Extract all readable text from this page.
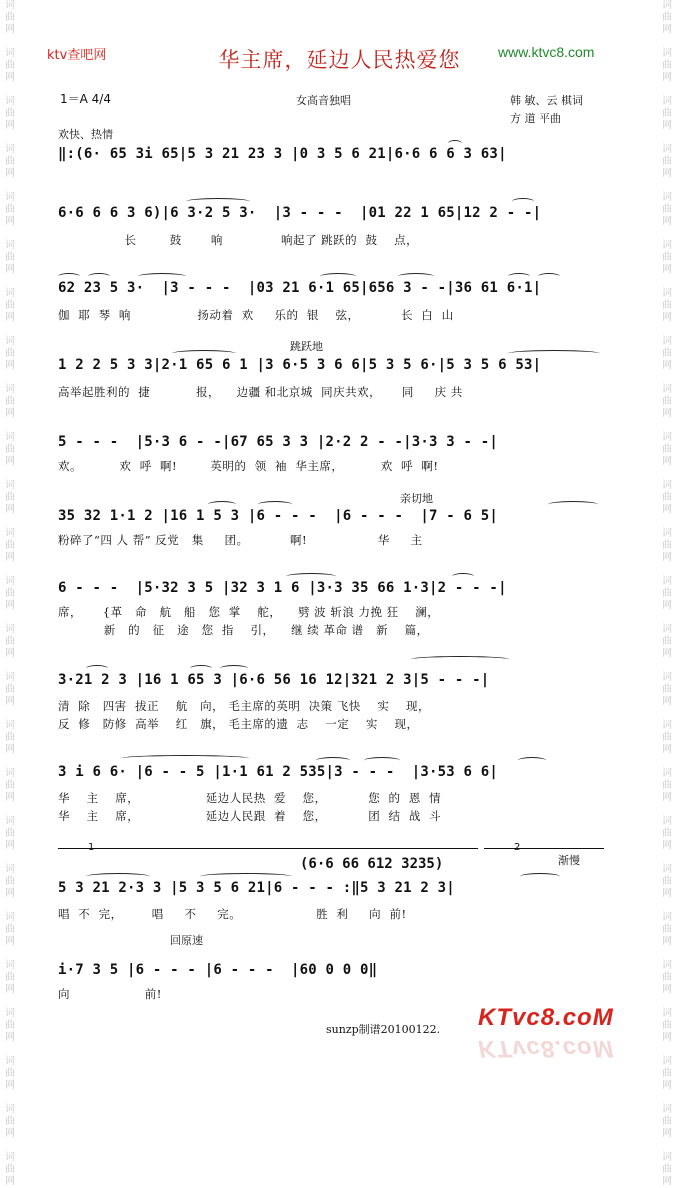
词
曲
网

词
曲
网

词
曲
网

词
曲
网

词
曲
网

词
曲
网

词
曲
网

词
曲
网

词
曲
网

词
曲
网

词
曲
网

词
曲
网

词
曲
网

词
曲
网

词
曲
网

词
曲
网

词
曲
网

词
曲
网

词
曲
网

词
曲
网

词
曲
网

词
曲
网

词
曲
网

词
曲
网

词
曲
网
词
曲
网

词
曲
网

词
曲
网

词
曲
网

词
曲
网

词
曲
网

词
曲
网

词
曲
网

词
曲
网

词
曲
网

词
曲
网

词
曲
网

词
曲
网

词
曲
网

词
曲
网

词
曲
网

词
曲
网

词
曲
网

词
曲
网

词
曲
网

词
曲
网

词
曲
网

词
曲
网

词
曲
网

词
曲
网
ktv查吧网	华主席，延边人民热爱您	www.ktvc8.com
1＝A 4/4	女高音独唱	韩 敏、云 棋词
方 道 平曲
欢快、热情
‖:(6· 65 3i 65|5 3 21 23 3 |0 3 5 6 21|6·6 6 6 3 63|
6·6 6 6 3 6)|6 3·2 5 3·  |3 - - -  |01 22 1 65|12 2 - -|
长        鼓       响              响起了 跳跃的  鼓    点，
62 23 5 3·  |3 - - -  |03 21 6·1 65|656 3 - -|36 61 6·1|
伽  耶  琴  响                扬动着  欢     乐的  银    弦，          长  白  山
跳跃地
1 2 2 5 3 3|2·1 65 6 1 |3 6·5 3 6 6|5 3 5 6·|5 3 5 6 53|
高举起胜利的  捷           报，    边疆 和北京城  同庆共欢，     同     庆 共
5 - - -  |5·3 6 - -|67 65 3 3 |2·2 2 - -|3·3 3 - -|
欢。         欢  呼  啊!        英明的  领  袖  华主席，         欢  呼  啊!
亲切地
35 32 1·1 2 |16 1 5 3 |6 - - -  |6 - - -  |7 - 6 5|
粉碎了“四 人 帮” 反党   集     团。          啊!                 华     主
6 - - -  |5·32 3 5 |32 3 1 6 |3·3 35 66 1·3|2 - - -|
席，     {革   命   航   船   您  掌    舵，    劈 波 斩浪 力挽 狂    澜，
新   的   征   途   您  指    引，    继 续 革命 谱   新    篇，
3·21 2 3 |16 1 65 3 |6·6 56 16 12|321 2 3|5 - - -|
清  除   四害  拔正    航   向， 毛主席的英明  决策 飞快    实    现，
反  修   防修  高举    红   旗， 毛主席的遗  志    一定    实    现，
3 i 6 6· |6 - - 5 |1·1 61 2 535|3 - - -  |3·53 6 6|
华    主    席，                延边人民热  爱    您，          您  的  恩  情
华    主    席，                延边人民跟  着    您，          团  结  战  斗
1	2
渐慢
(6·6 66 612 3235)
5 3 21 2·3 3 |5 3 5 6 21|6 - - - :‖5 3 21 2 3|
唱  不  完，       唱     不     完。                  胜  利     向  前!
回原速
i·7 3 5 |6 - - - |6 - - -  |60 0 0 0‖
向                  前!
sunzp制谱20100122. KTvc8.coM
KTvc8.coM
